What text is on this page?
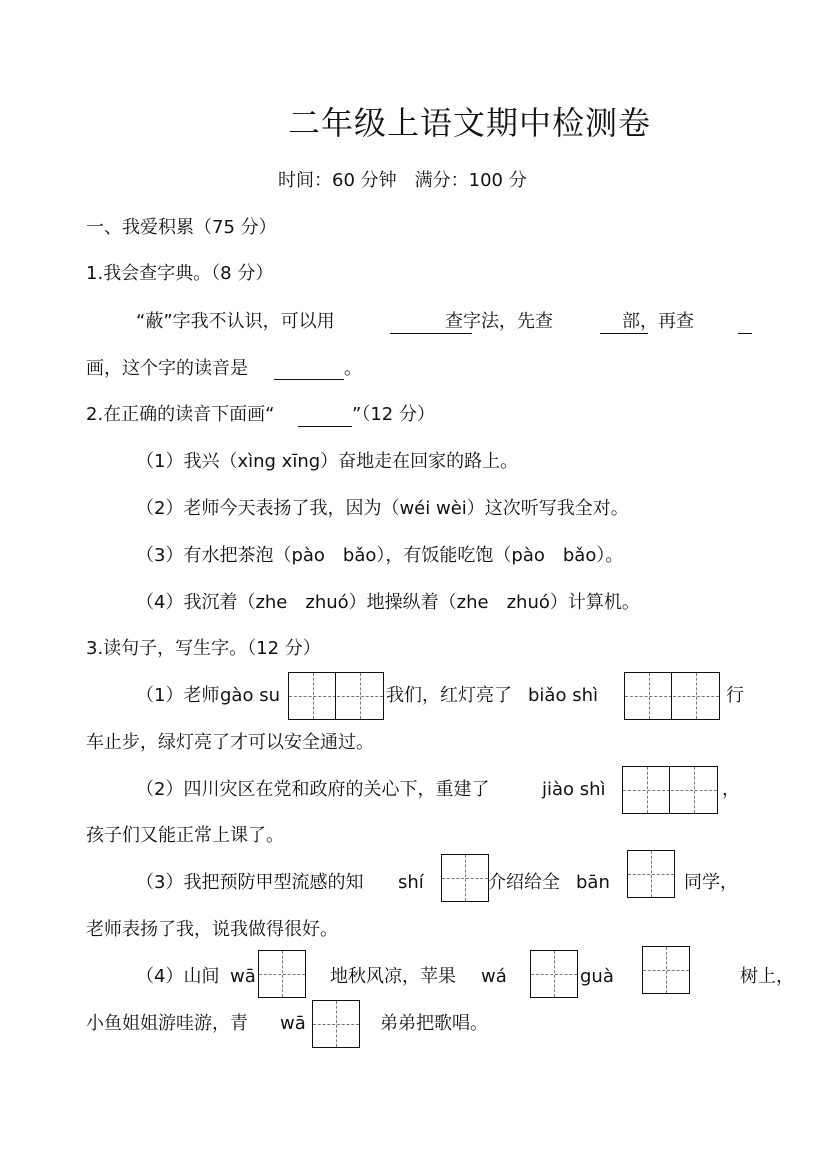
二年级上语文期中检测卷
时间：60 分钟　满分：100 分
一、我爱积累（75 分）
1.我会查字典。（8 分）
“蔽”字我不认识，可以用	查字法，先查	部，再查
画，这个字的读音是	。
2.在正确的读音下面画“	”（12 分）
（1）我兴（xìng xīng）奋地走在回家的路上。
（2）老师今天表扬了我，因为（wéi wèi）这次听写我全对。
（3）有水把茶泡（pào　bǎo），有饭能吃饱（pào　bǎo）。
（4）我沉着（zhe　zhuó）地操纵着（zhe　zhuó）计算机。
3.读句子，写生字。（12 分）
（1）老师 gào su	我们，红灯亮了 biǎo shì	行
车止步，绿灯亮了才可以安全通过。
（2）四川灾区在党和政府的关心下，重建了	jiào shì	，
孩子们又能正常上课了。
（3）我把预防甲型流感的知 shí	介绍给全 bān	同学，
老师表扬了我，说我做得很好。
（4）山间 wā	地秋风凉，苹果 wá	guà	树上，
小鱼姐姐游哇游，青 wā	弟弟把歌唱。
